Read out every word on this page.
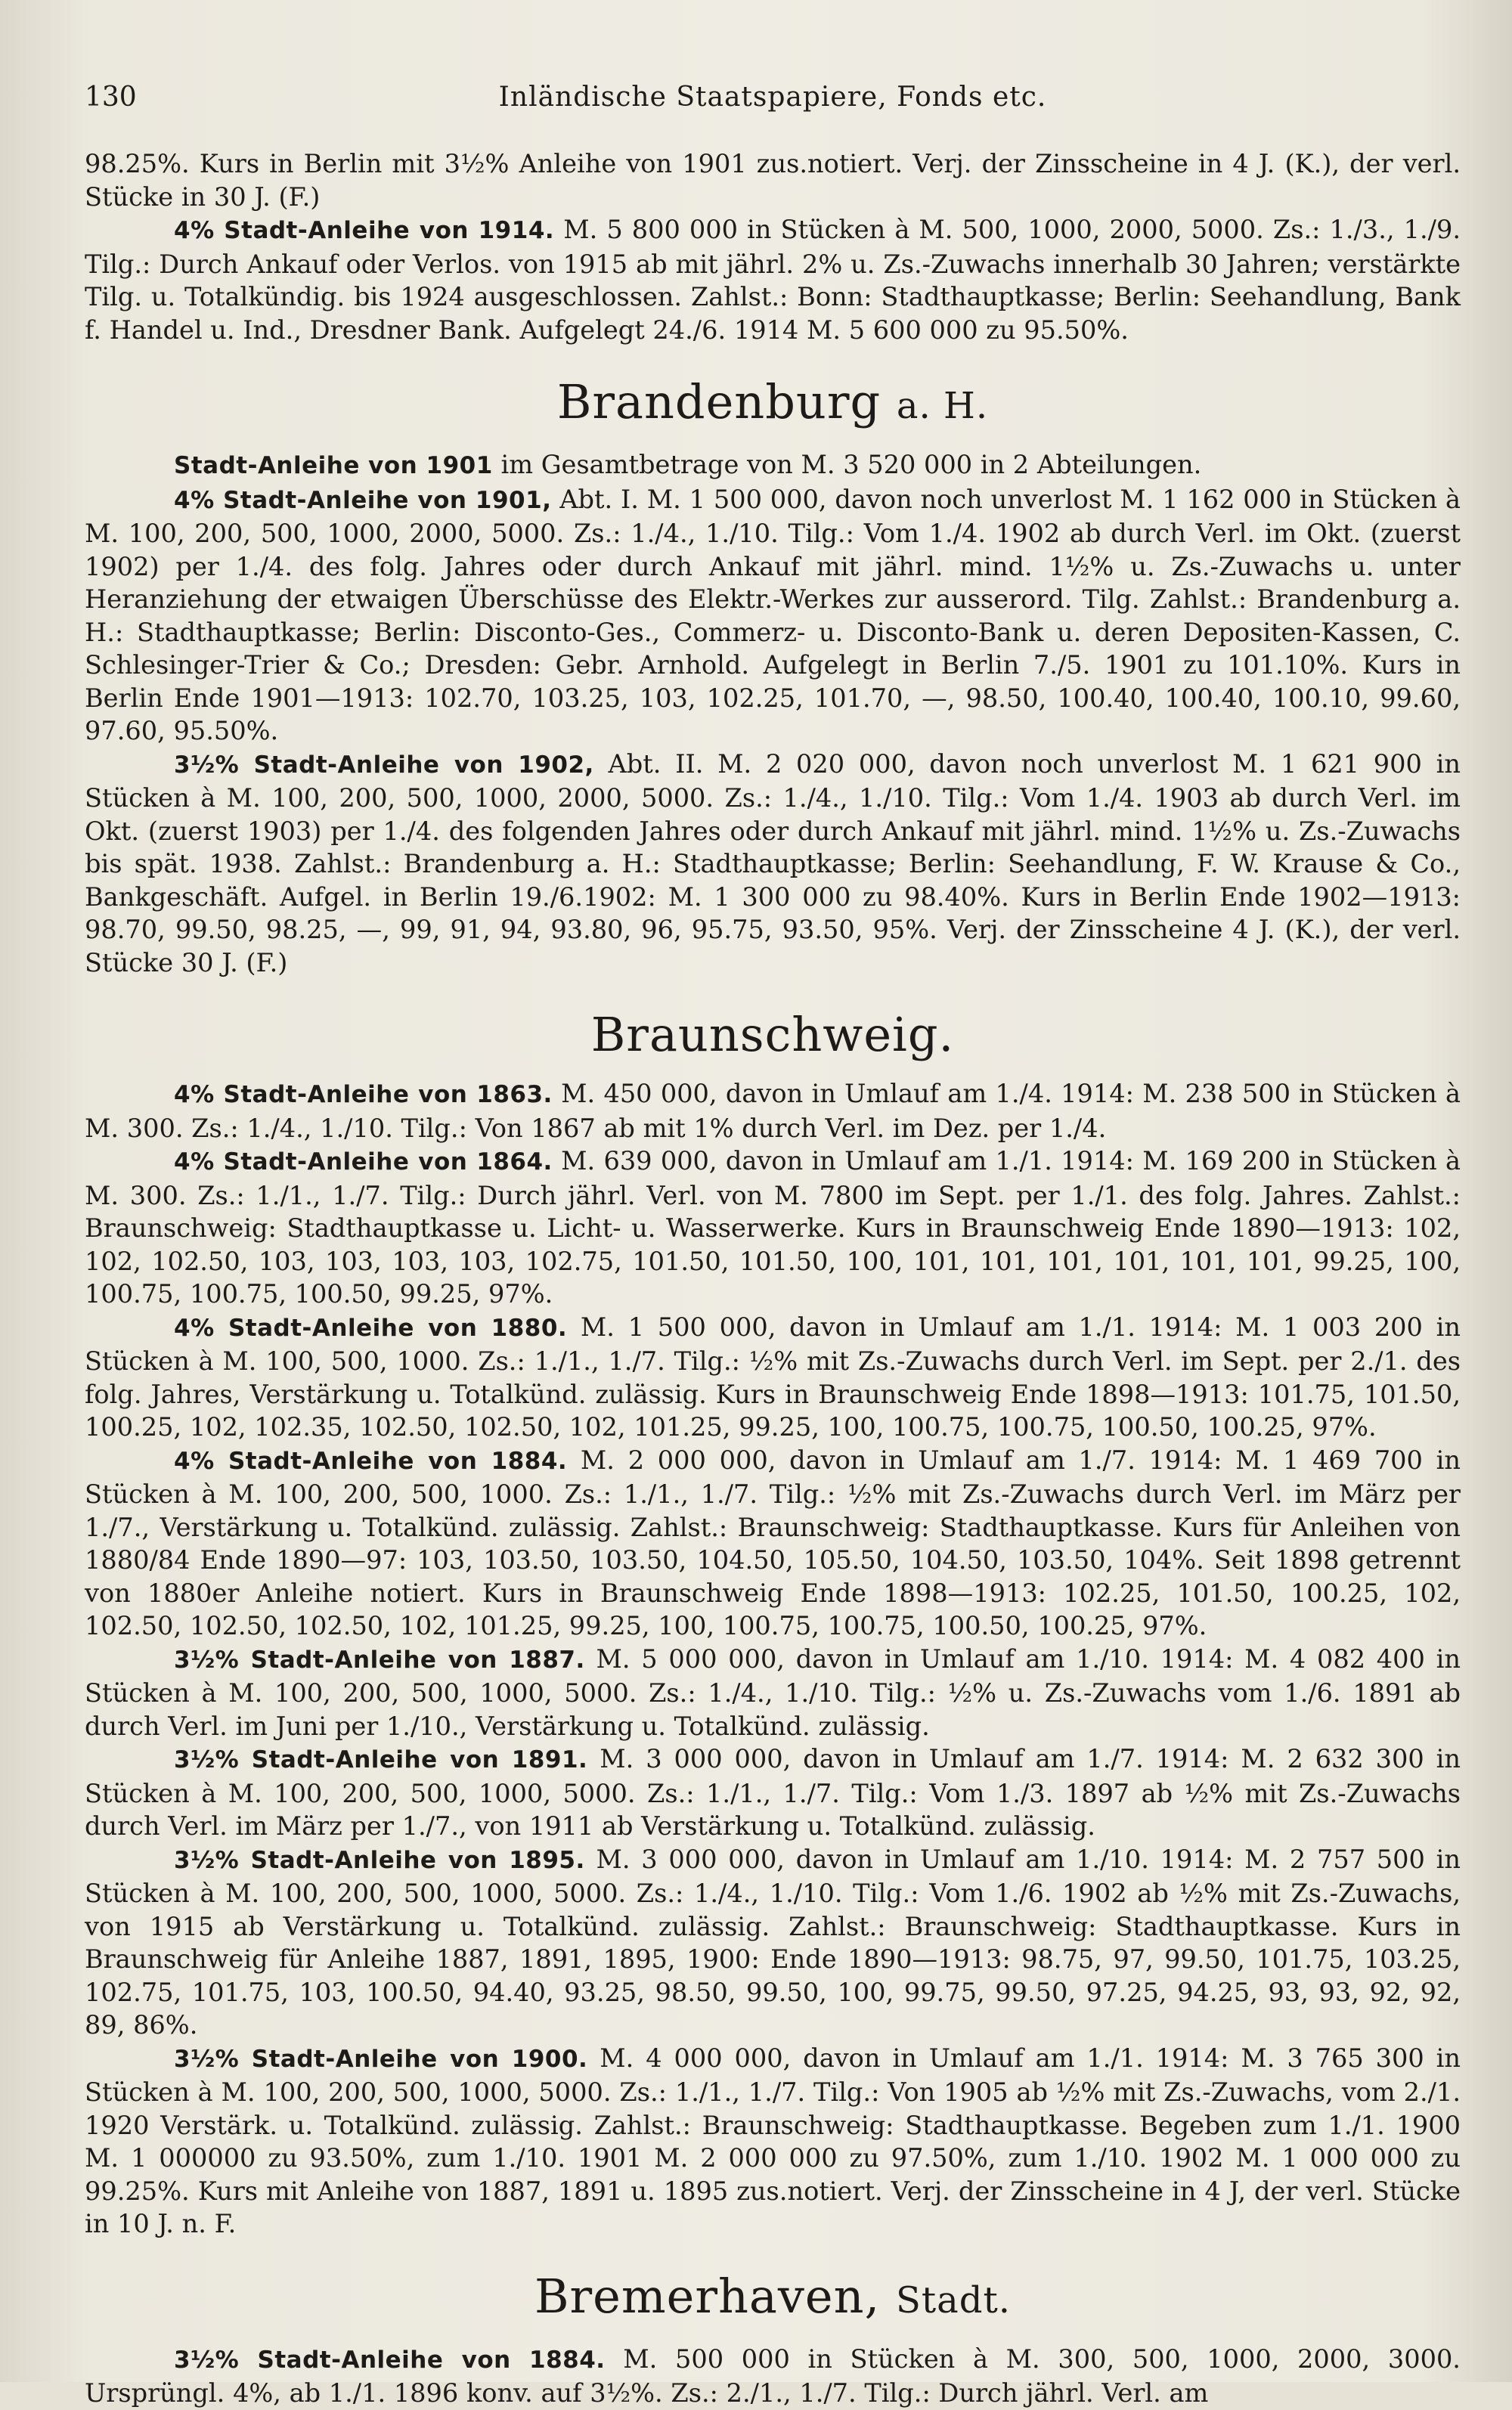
130	Inländische Staatspapiere, Fonds etc.

98.25%. Kurs in Berlin mit 3½% Anleihe von 1901 zus.notiert. Verj. der Zinsscheine in 4 J. (K.), der verl. Stücke in 30 J. (F.)

4% Stadt-Anleihe von 1914. M. 5 800 000 in Stücken à M. 500, 1000, 2000, 5000. Zs.: 1./3., 1./9. Tilg.: Durch Ankauf oder Verlos. von 1915 ab mit jährl. 2% u. Zs.-Zuwachs innerhalb 30 Jahren; verstärkte Tilg. u. Totalkündig. bis 1924 ausgeschlossen. Zahlst.: Bonn: Stadthauptkasse; Berlin: Seehandlung, Bank f. Handel u. Ind., Dresdner Bank. Aufgelegt 24./6. 1914 M. 5 600 000 zu 95.50%.

Brandenburg a. H.

Stadt-Anleihe von 1901 im Gesamtbetrage von M. 3 520 000 in 2 Abteilungen.

4% Stadt-Anleihe von 1901, Abt. I. M. 1 500 000, davon noch unverlost M. 1 162 000 in Stücken à M. 100, 200, 500, 1000, 2000, 5000. Zs.: 1./4., 1./10. Tilg.: Vom 1./4. 1902 ab durch Verl. im Okt. (zuerst 1902) per 1./4. des folg. Jahres oder durch Ankauf mit jährl. mind. 1½% u. Zs.-Zuwachs u. unter Heranziehung der etwaigen Überschüsse des Elektr.-Werkes zur ausserord. Tilg. Zahlst.: Brandenburg a. H.: Stadthauptkasse; Berlin: Disconto-Ges., Commerz- u. Disconto-Bank u. deren Depositen-Kassen, C. Schlesinger-Trier & Co.; Dresden: Gebr. Arnhold. Aufgelegt in Berlin 7./5. 1901 zu 101.10%. Kurs in Berlin Ende 1901—1913: 102.70, 103.25, 103, 102.25, 101.70, —, 98.50, 100.40, 100.40, 100.10, 99.60, 97.60, 95.50%.

3½% Stadt-Anleihe von 1902, Abt. II. M. 2 020 000, davon noch unverlost M. 1 621 900 in Stücken à M. 100, 200, 500, 1000, 2000, 5000. Zs.: 1./4., 1./10. Tilg.: Vom 1./4. 1903 ab durch Verl. im Okt. (zuerst 1903) per 1./4. des folgenden Jahres oder durch Ankauf mit jährl. mind. 1½% u. Zs.-Zuwachs bis spät. 1938. Zahlst.: Brandenburg a. H.: Stadthauptkasse; Berlin: Seehandlung, F. W. Krause & Co., Bankgeschäft. Aufgel. in Berlin 19./6.1902: M. 1 300 000 zu 98.40%. Kurs in Berlin Ende 1902—1913: 98.70, 99.50, 98.25, —, 99, 91, 94, 93.80, 96, 95.75, 93.50, 95%. Verj. der Zinsscheine 4 J. (K.), der verl. Stücke 30 J. (F.)

Braunschweig.

4% Stadt-Anleihe von 1863. M. 450 000, davon in Umlauf am 1./4. 1914: M. 238 500 in Stücken à M. 300. Zs.: 1./4., 1./10. Tilg.: Von 1867 ab mit 1% durch Verl. im Dez. per 1./4.

4% Stadt-Anleihe von 1864. M. 639 000, davon in Umlauf am 1./1. 1914: M. 169 200 in Stücken à M. 300. Zs.: 1./1., 1./7. Tilg.: Durch jährl. Verl. von M. 7800 im Sept. per 1./1. des folg. Jahres. Zahlst.: Braunschweig: Stadthauptkasse u. Licht- u. Wasserwerke. Kurs in Braunschweig Ende 1890—1913: 102, 102, 102.50, 103, 103, 103, 103, 102.75, 101.50, 101.50, 100, 101, 101, 101, 101, 101, 101, 99.25, 100, 100.75, 100.75, 100.50, 99.25, 97%.

4% Stadt-Anleihe von 1880. M. 1 500 000, davon in Umlauf am 1./1. 1914: M. 1 003 200 in Stücken à M. 100, 500, 1000. Zs.: 1./1., 1./7. Tilg.: ½% mit Zs.-Zuwachs durch Verl. im Sept. per 2./1. des folg. Jahres, Verstärkung u. Totalkünd. zulässig. Kurs in Braunschweig Ende 1898—1913: 101.75, 101.50, 100.25, 102, 102.35, 102.50, 102.50, 102, 101.25, 99.25, 100, 100.75, 100.75, 100.50, 100.25, 97%.

4% Stadt-Anleihe von 1884. M. 2 000 000, davon in Umlauf am 1./7. 1914: M. 1 469 700 in Stücken à M. 100, 200, 500, 1000. Zs.: 1./1., 1./7. Tilg.: ½% mit Zs.-Zuwachs durch Verl. im März per 1./7., Verstärkung u. Totalkünd. zulässig. Zahlst.: Braunschweig: Stadthauptkasse. Kurs für Anleihen von 1880/84 Ende 1890—97: 103, 103.50, 103.50, 104.50, 105.50, 104.50, 103.50, 104%. Seit 1898 getrennt von 1880er Anleihe notiert. Kurs in Braunschweig Ende 1898—1913: 102.25, 101.50, 100.25, 102, 102.50, 102.50, 102.50, 102, 101.25, 99.25, 100, 100.75, 100.75, 100.50, 100.25, 97%.

3½% Stadt-Anleihe von 1887. M. 5 000 000, davon in Umlauf am 1./10. 1914: M. 4 082 400 in Stücken à M. 100, 200, 500, 1000, 5000. Zs.: 1./4., 1./10. Tilg.: ½% u. Zs.-Zuwachs vom 1./6. 1891 ab durch Verl. im Juni per 1./10., Verstärkung u. Totalkünd. zulässig.

3½% Stadt-Anleihe von 1891. M. 3 000 000, davon in Umlauf am 1./7. 1914: M. 2 632 300 in Stücken à M. 100, 200, 500, 1000, 5000. Zs.: 1./1., 1./7. Tilg.: Vom 1./3. 1897 ab ½% mit Zs.-Zuwachs durch Verl. im März per 1./7., von 1911 ab Verstärkung u. Totalkünd. zulässig.

3½% Stadt-Anleihe von 1895. M. 3 000 000, davon in Umlauf am 1./10. 1914: M. 2 757 500 in Stücken à M. 100, 200, 500, 1000, 5000. Zs.: 1./4., 1./10. Tilg.: Vom 1./6. 1902 ab ½% mit Zs.-Zuwachs, von 1915 ab Verstärkung u. Totalkünd. zulässig. Zahlst.: Braunschweig: Stadthauptkasse. Kurs in Braunschweig für Anleihe 1887, 1891, 1895, 1900: Ende 1890—1913: 98.75, 97, 99.50, 101.75, 103.25, 102.75, 101.75, 103, 100.50, 94.40, 93.25, 98.50, 99.50, 100, 99.75, 99.50, 97.25, 94.25, 93, 93, 92, 92, 89, 86%.

3½% Stadt-Anleihe von 1900. M. 4 000 000, davon in Umlauf am 1./1. 1914: M. 3 765 300 in Stücken à M. 100, 200, 500, 1000, 5000. Zs.: 1./1., 1./7. Tilg.: Von 1905 ab ½% mit Zs.-Zuwachs, vom 2./1. 1920 Verstärk. u. Totalkünd. zulässig. Zahlst.: Braunschweig: Stadthauptkasse. Begeben zum 1./1. 1900 M. 1 000000 zu 93.50%, zum 1./10. 1901 M. 2 000 000 zu 97.50%, zum 1./10. 1902 M. 1 000 000 zu 99.25%. Kurs mit Anleihe von 1887, 1891 u. 1895 zus.notiert. Verj. der Zinsscheine in 4 J, der verl. Stücke in 10 J. n. F.

Bremerhaven, Stadt.

3½% Stadt-Anleihe von 1884. M. 500 000 in Stücken à M. 300, 500, 1000, 2000, 3000. Ursprüngl. 4%, ab 1./1. 1896 konv. auf 3½%. Zs.: 2./1., 1./7. Tilg.: Durch jährl. Verl. am
